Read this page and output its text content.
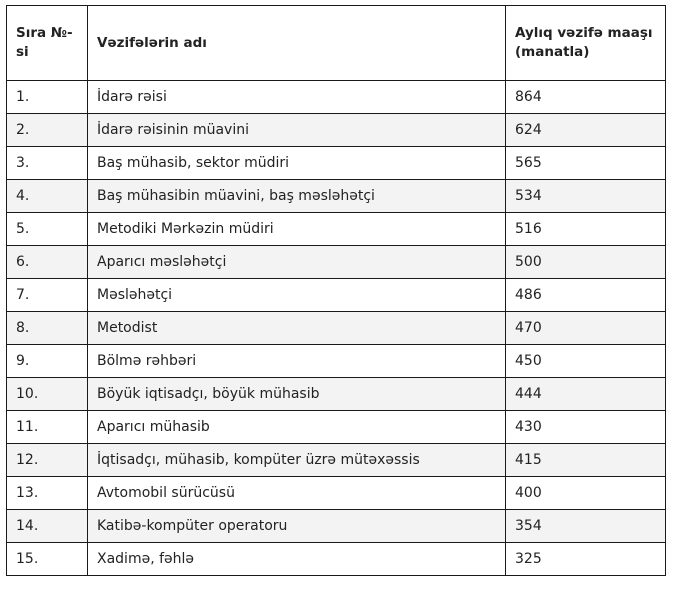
Sıra №-si	Vəzifələrin adı	Aylıq vəzifə maaşı (manatla)
1.	İdarə rəisi	864
2.	İdarə rəisinin müavini	624
3.	Baş mühasib, sektor müdiri	565
4.	Baş mühasibin müavini, baş məsləhətçi	534
5.	Metodiki Mərkəzin müdiri	516
6.	Aparıcı məsləhətçi	500
7.	Məsləhətçi	486
8.	Metodist	470
9.	Bölmə rəhbəri	450
10.	Böyük iqtisadçı, böyük mühasib	444
11.	Aparıcı mühasib	430
12.	İqtisadçı, mühasib, kompüter üzrə mütəxəssis	415
13.	Avtomobil sürücüsü	400
14.	Katibə-kompüter operatoru	354
15.	Xadimə, fəhlə	325
